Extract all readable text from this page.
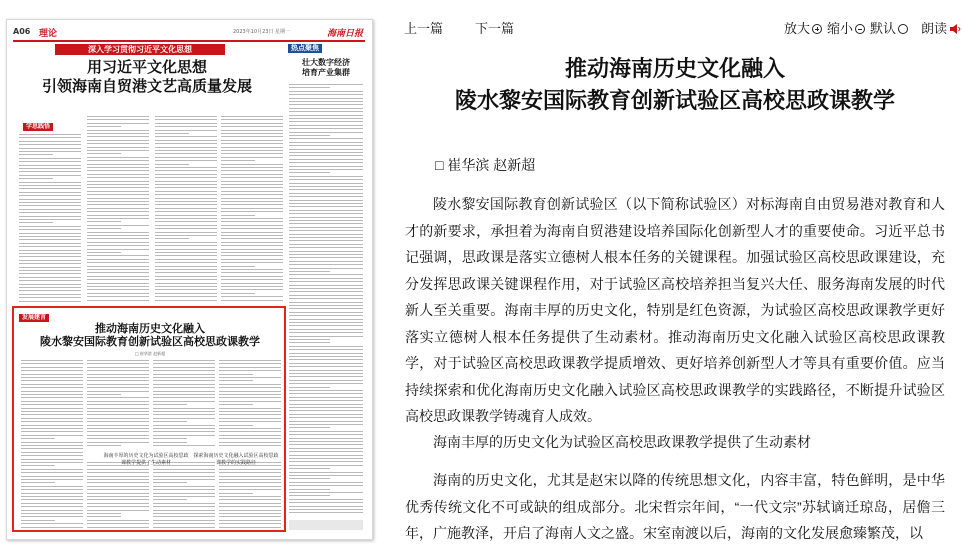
A06 理论	2023年10月23日 星期一	海南日报
深入学习贯彻习近平文化思想
用习近平文化思想
引领海南自贸港文艺高质量发展
热点聚焦
壮大数字经济
培育产业集群
学思践悟
发展建言
推动海南历史文化融入
陵水黎安国际教育创新试验区高校思政课教学
□ 崔华滨 赵新超
海南丰厚的历史文化为试验区高校思政课教学提供了生动素材
探索海南历史文化融入试验区高校思政课教学的实践路径
上一篇 下一篇	放大	缩小	默认	朗读
推动海南历史文化融入
陵水黎安国际教育创新试验区高校思政课教学
□ 崔华滨 赵新超

陵水黎安国际教育创新试验区（以下简称试验区）对标海南自由贸易港对教育和人才的新要求，承担着为海南自贸港建设培养国际化创新型人才的重要使命。习近平总书记强调，思政课是落实立德树人根本任务的关键课程。加强试验区高校思政课建设，充分发挥思政课关键课程作用，对于试验区高校培养担当复兴大任、服务海南发展的时代新人至关重要。海南丰厚的历史文化，特别是红色资源，为试验区高校思政课教学更好落实立德树人根本任务提供了生动素材。推动海南历史文化融入试验区高校思政课教学，对于试验区高校思政课教学提质增效、更好培养创新型人才等具有重要价值。应当持续探索和优化海南历史文化融入试验区高校思政课教学的实践路径，不断提升试验区高校思政课教学铸魂育人成效。

海南丰厚的历史文化为试验区高校思政课教学提供了生动素材

海南的历史文化，尤其是赵宋以降的传统思想文化，内容丰富，特色鲜明，是中华优秀传统文化不可或缺的组成部分。北宋哲宗年间，“一代文宗”苏轼谪迁琼岛，居儋三年，广施教泽，开启了海南人文之盛。宋室南渡以后，海南的文化发展愈臻繁茂，以
